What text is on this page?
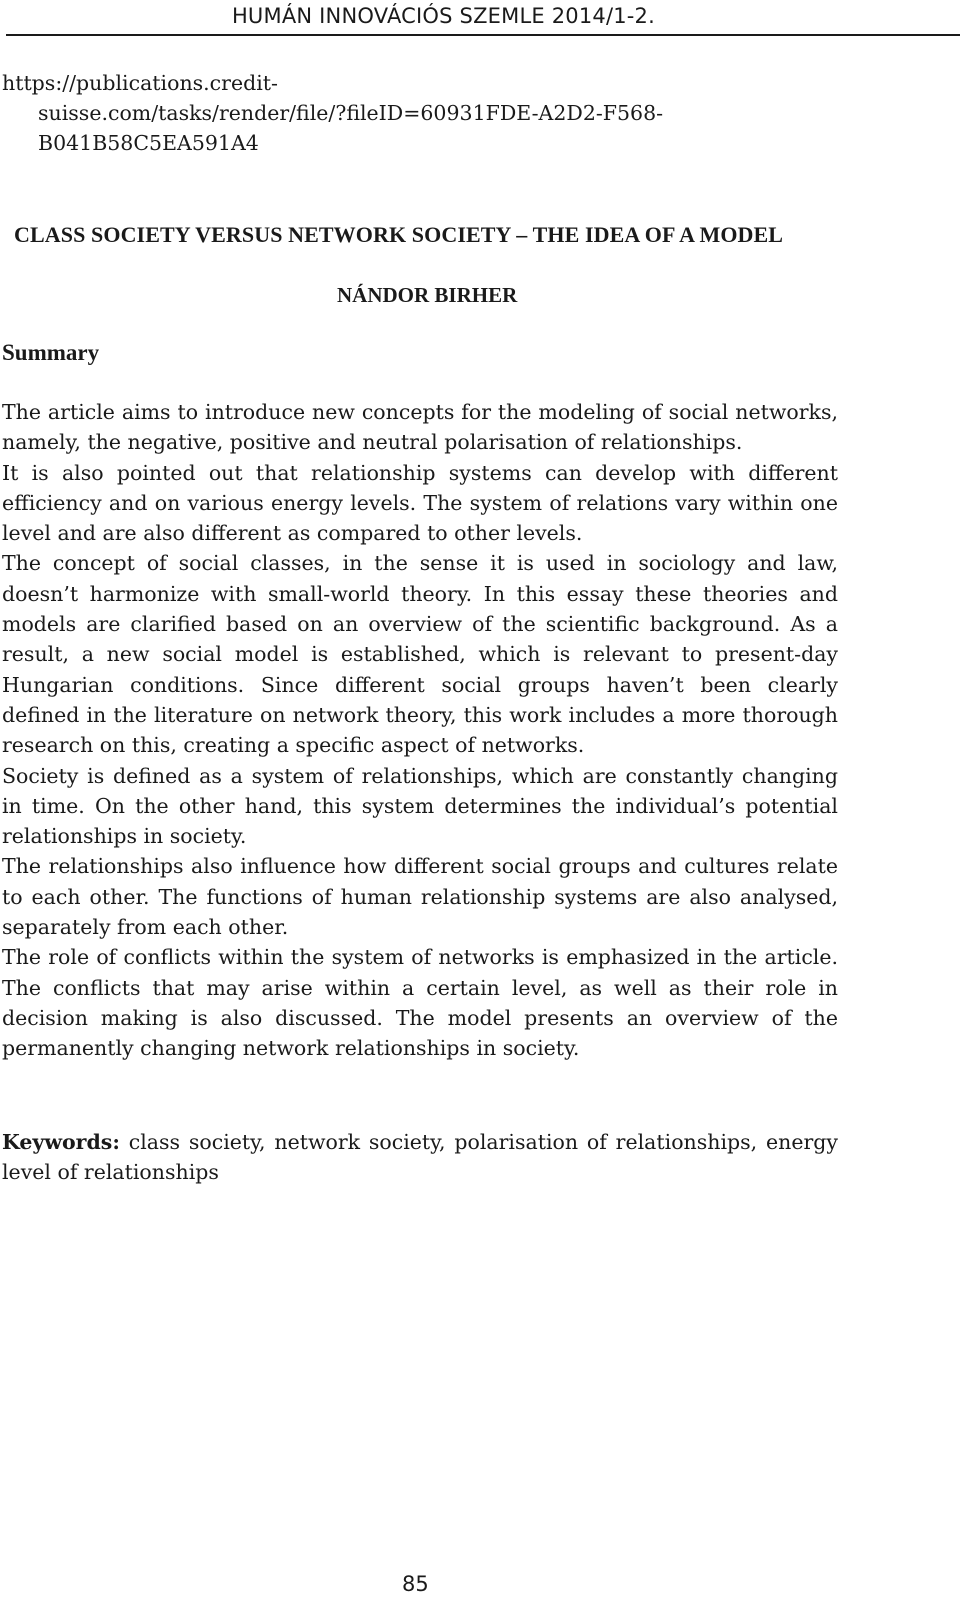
HUMÁN INNOVÁCIÓS SZEMLE 2014/1-2.
https://publications.credit-
suisse.com/tasks/render/file/?fileID=60931FDE-A2D2-F568-
B041B58C5EA591A4
CLASS SOCIETY VERSUS NETWORK SOCIETY – THE IDEA OF A MODEL
NÁNDOR BIRHER
Summary

The article aims to introduce new concepts for the modeling of social networks, namely, the negative, positive and neutral polarisation of relationships.

It is also pointed out that relationship systems can develop with different efficiency and on various energy levels. The system of relations vary within one level and are also different as compared to other levels.

The concept of social classes, in the sense it is used in sociology and law, doesn’t harmonize with small-world theory. In this essay these theories and models are clarified based on an overview of the scientific background. As a result, a new social model is established, which is relevant to present-day Hungarian conditions. Since different social groups haven’t been clearly defined in the literature on network theory, this work includes a more thorough research on this, creating a specific aspect of networks.

Society is defined as a system of relationships, which are constantly changing in time. On the other hand, this system determines the individual’s potential relationships in society.

The relationships also influence how different social groups and cultures relate to each other. The functions of human relationship systems are also analysed, separately from each other.

The role of conflicts within the system of networks is emphasized in the article. The conflicts that may arise within a certain level, as well as their role in decision making is also discussed. The model presents an overview of the permanently changing network relationships in society.

Keywords: class society, network society, polarisation of relationships, energy level of relationships
85
